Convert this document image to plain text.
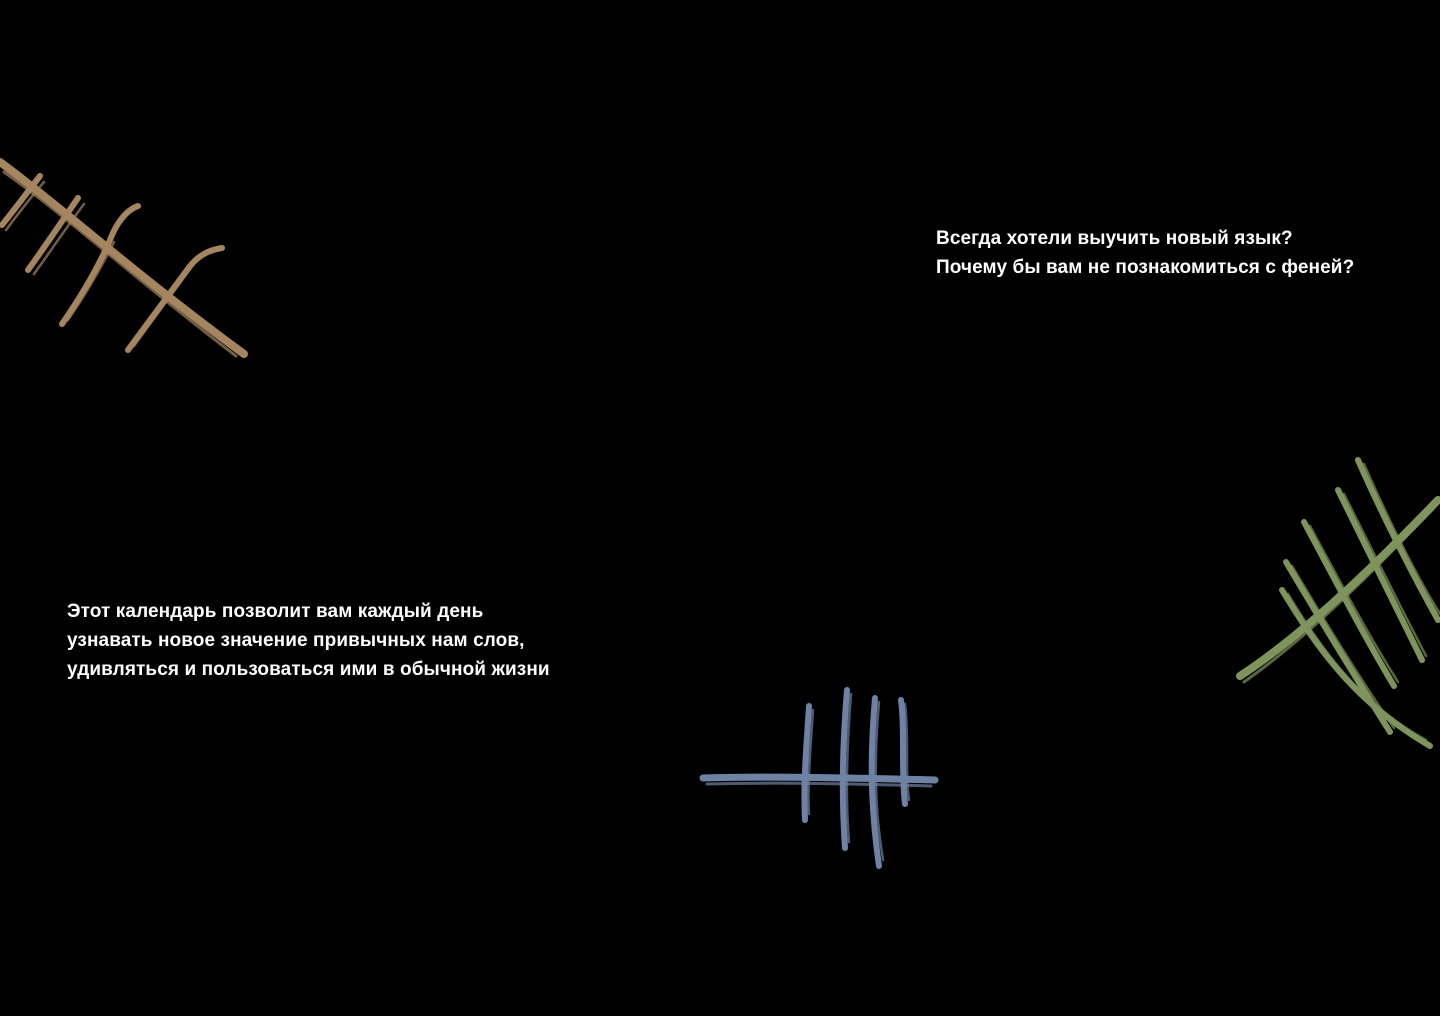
Всегда хотели выучить новый язык?
Почему бы вам не познакомиться с феней?
Этот календарь позволит вам каждый день
узнавать новое значение привычных нам слов,
удивляться и пользоваться ими в обычной жизни
